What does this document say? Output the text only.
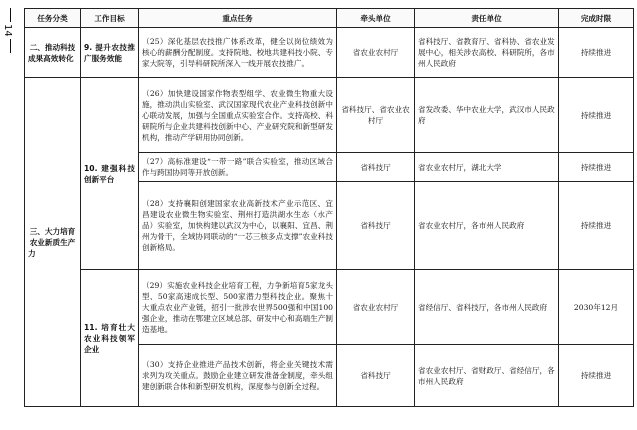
14
任务分类	工作目标	重点任务	牵头单位	责任单位	完成时限
二、推动科技成果高效转化	9. 提升农技推广服务效能	（25）深化基层农技推广体系改革，健全以岗位绩效为核心的薪酬分配制度。支持院地、校地共建科技小院、专家大院等，引导科研院所深入一线开展农技推广。	省农业农村厅	省科技厅、省教育厅、省科协、省农业发展中心，相关涉农高校、科研院所，各市州人民政府	持续推进
三、大力培育农业新质生产力	10. 建强科技创新平台	（26）加快建设国家作物表型组学、农业微生物重大设施，推动洪山实验室、武汉国家现代农业产业科技创新中心联动发展，加强与全国重点实验室合作。支持高校、科研院所与企业共建科技创新中心、产业研究院和新型研发机构，推动产学研用协同创新。	省科技厅、省农业农村厅	省发改委、华中农业大学，武汉市人民政府	持续推进
		（27）高标准建设“一带一路”联合实验室，推动区域合作与跨国协同等开放创新。	省科技厅	省农业农村厅，湖北大学	持续推进
		（28）支持襄阳创建国家农业高新技术产业示范区、宜昌建设农业微生物实验室、荆州打造洪湖水生态（水产品）实验室，加快构建以武汉为中心，以襄阳、宜昌、荆州为骨干，全域协同联动的“一芯三核多点支撑”农业科技创新格局。	省科技厅	省农业农村厅，各市州人民政府	持续推进
	11. 培育壮大农业科技领军企业	（29）实施农业科技企业培育工程，力争新培育5家龙头型、50家高速成长型、500家潜力型科技企业。聚焦十大重点农业产业链，招引一批涉农世界500强和中国100强企业，推动在鄂建立区域总部、研发中心和高端生产制造基地。	省农业农村厅	省经信厅、省科技厅，各市州人民政府	2030年12月
		（30）支持企业推进产品技术创新，将企业关键技术需求列为攻关重点。鼓励企业建立研发准备金制度，牵头组建创新联合体和新型研发机构，深度参与创新全过程。	省科技厅	省农业农村厅、省财政厅、省经信厅，各市州人民政府	持续推进
